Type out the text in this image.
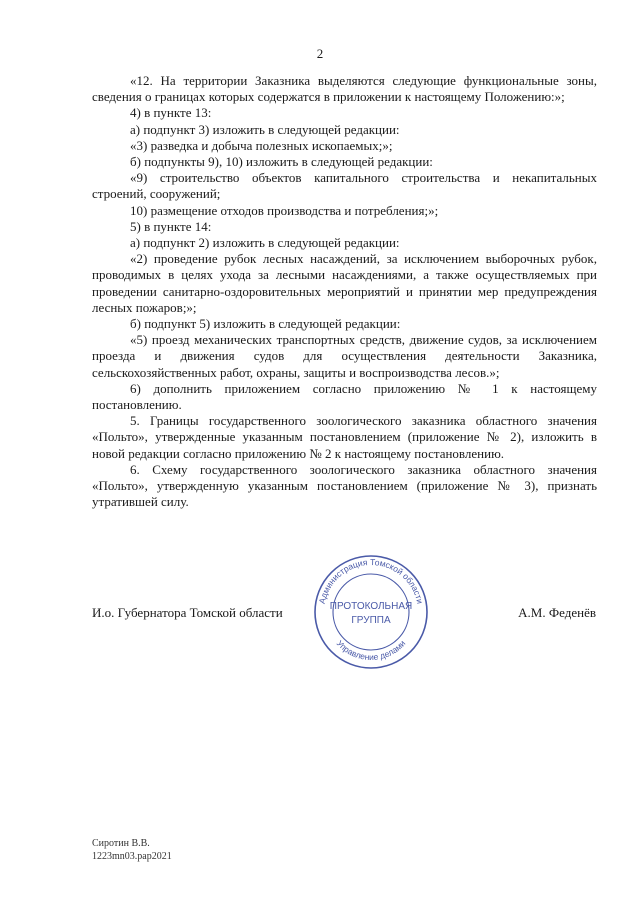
2

«12. На территории Заказника выделяются следующие функциональные зоны, сведения о границах которых содержатся в приложении к настоящему Положению:»;

4) в пункте 13:

а) подпункт 3) изложить в следующей редакции:

«3) разведка и добыча полезных ископаемых;»;

б) подпункты 9), 10) изложить в следующей редакции:

«9) строительство объектов капитального строительства и некапитальных строений, сооружений;

10) размещение отходов производства и потребления;»;

5) в пункте 14:

а) подпункт 2) изложить в следующей редакции:

«2) проведение рубок лесных насаждений, за исключением выборочных рубок, проводимых в целях ухода за лесными насаждениями, а также осуществляемых при проведении санитарно-оздоровительных мероприятий и принятии мер предупреждения лесных пожаров;»;

б) подпункт 5) изложить в следующей редакции:

«5) проезд механических транспортных средств, движение судов, за исключением проезда и движения судов для осуществления деятельности Заказника, сельскохозяйственных работ, охраны, защиты и воспроизводства лесов.»;

6) дополнить приложением согласно приложению № 1 к настоящему постановлению.

5. Границы государственного зоологического заказника областного значения «Польто», утвержденные указанным постановлением (приложение № 2), изложить в новой редакции согласно приложению № 2 к настоящему постановлению.

6. Схему государственного зоологического заказника областного значения «Польто», утвержденную указанным постановлением (приложение № 3), признать утратившей силу.

И.о. Губернатора Томской области
Администрация Томской области
Управление делами
ПРОТОКОЛЬНАЯ
ГРУППА
А.М. Феденёв
Сиротин В.В.
1223mn03.pap2021
